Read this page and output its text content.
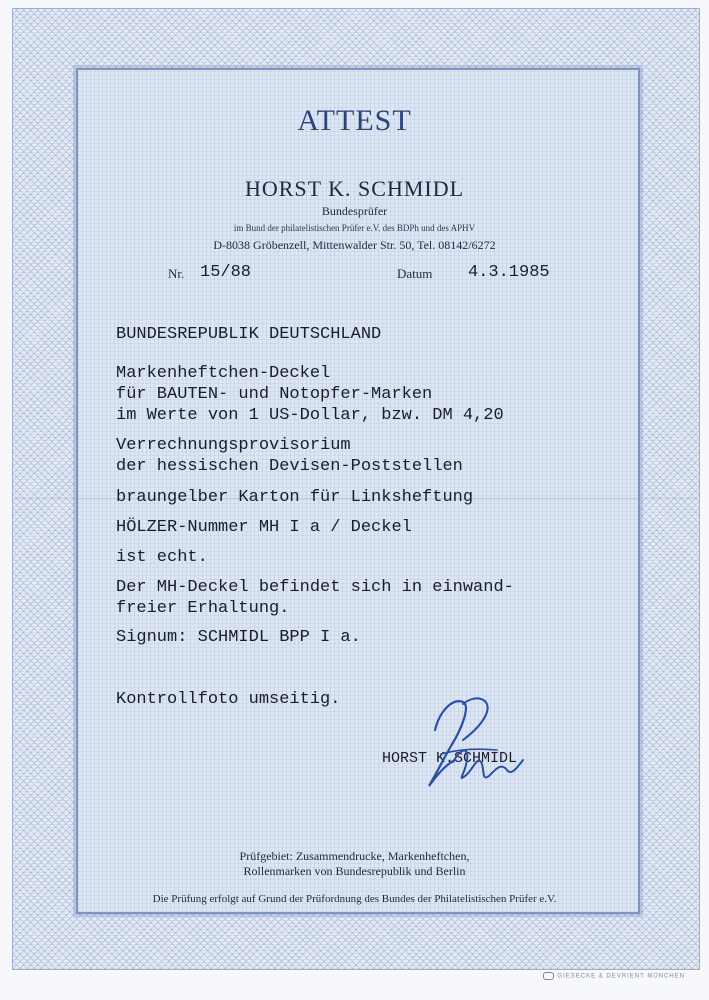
ATTEST
HORST K. SCHMIDL
Bundesprüfer
im Bund der philatelistischen Prüfer e.V. des BDPh und des APHV
D-8038 Gröbenzell, Mittenwalder Str. 50, Tel. 08142/6272
Nr. 15/88	Datum 4.3.1985
BUNDESREPUBLIK DEUTSCHLAND
Markenheftchen-Deckel
für BAUTEN- und Notopfer-Marken
im Werte von 1 US-Dollar, bzw. DM 4,20
Verrechnungsprovisorium
der hessischen Devisen-Poststellen
braungelber Karton für Linksheftung
HÖLZER-Nummer MH I a / Deckel
ist echt.
Der MH-Deckel befindet sich in einwand-
freier Erhaltung.
Signum: SCHMIDL BPP I a.
Kontrollfoto umseitig.
HORST K.SCHMIDL
Prüfgebiet: Zusammendrucke, Markenheftchen,
Rollenmarken von Bundesrepublik und Berlin
Die Prüfung erfolgt auf Grund der Prüfordnung des Bundes der Philatelistischen Prüfer e.V.
GIESECKE & DEVRIENT MÜNCHEN
